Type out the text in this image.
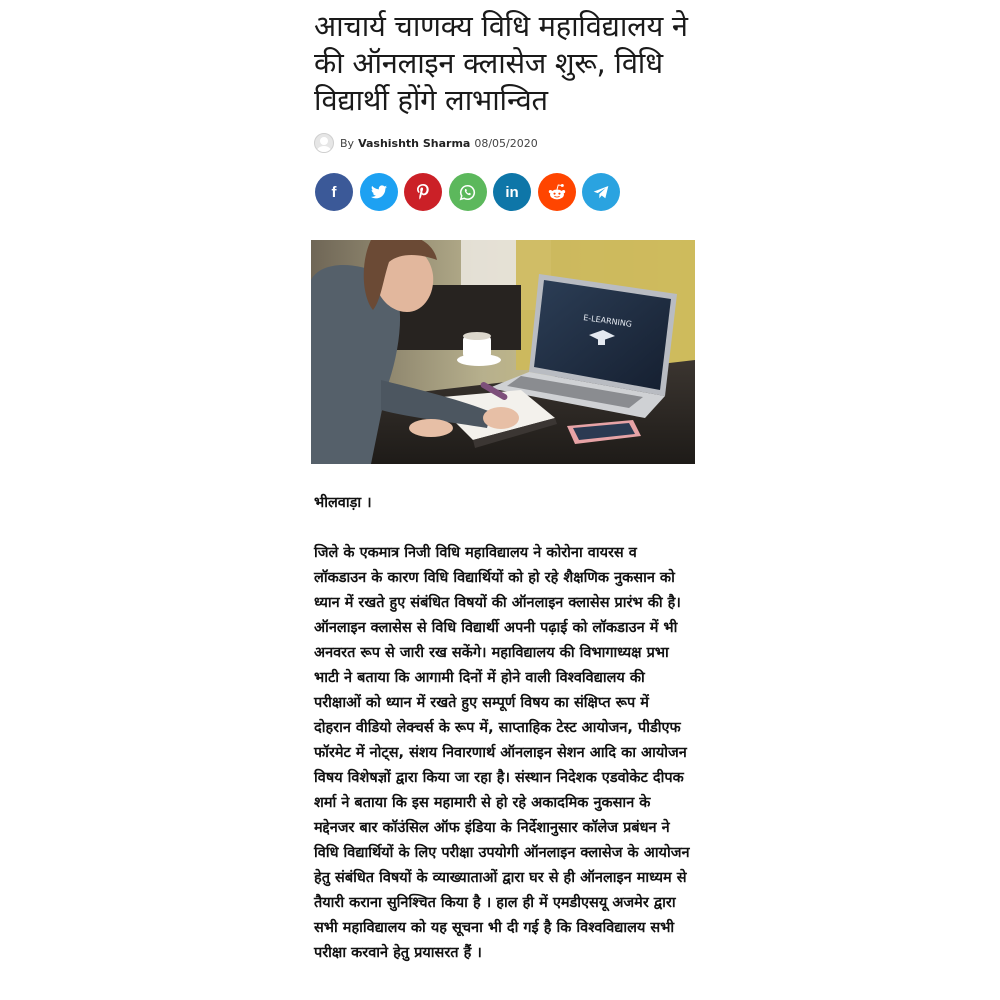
आचार्य चाणक्य विधि महाविद्यालय ने की ऑनलाइन क्लासेज शुरू, विधि विद्यार्थी होंगे लाभान्वित
By Vashishth Sharma 08/05/2020
f	in
E-LEARNING
भीलवाड़ा ।

जिले के एकमात्र निजी विधि महाविद्यालय ने कोरोना वायरस व लॉकडाउन के कारण विधि विद्यार्थियों को हो रहे शैक्षणिक नुकसान को ध्यान में रखते हुए संबंधित विषयों की ऑनलाइन क्लासेस प्रारंभ की है। ऑनलाइन क्लासेस से विधि विद्यार्थी अपनी पढ़ाई को लॉकडाउन में भी अनवरत रूप से जारी रख सकेंगे। महाविद्यालय की विभागाध्यक्ष प्रभा भाटी ने बताया कि आगामी दिनों में होने वाली विश्वविद्यालय की परीक्षाओं को ध्यान में रखते हुए सम्पूर्ण विषय का संक्षिप्त रूप में दोहरान वीडियो लेक्चर्स के रूप में, साप्ताहिक टेस्ट आयोजन, पीडीएफ फॉरमेट में नोट्स, संशय निवारणार्थ ऑनलाइन सेशन आदि का आयोजन विषय विशेषज्ञों द्वारा किया जा रहा है। संस्थान निदेशक एडवोकेट दीपक शर्मा ने बताया कि इस महामारी से हो रहे अकादमिक नुकसान के मद्देनजर बार कॉउंसिल ऑफ इंडिया के निर्देशानुसार कॉलेज प्रबंधन ने विधि विद्यार्थियों के लिए परीक्षा उपयोगी ऑनलाइन क्लासेज के आयोजन हेतु संबंधित विषयों के व्याख्याताओं द्वारा घर से ही ऑनलाइन माध्यम से तैयारी कराना सुनिश्चित किया है । हाल ही में एमडीएसयू अजमेर द्वारा सभी महाविद्यालय को यह सूचना भी दी गई है कि विश्वविद्यालय सभी परीक्षा करवाने हेतु प्रयासरत हैं ।
